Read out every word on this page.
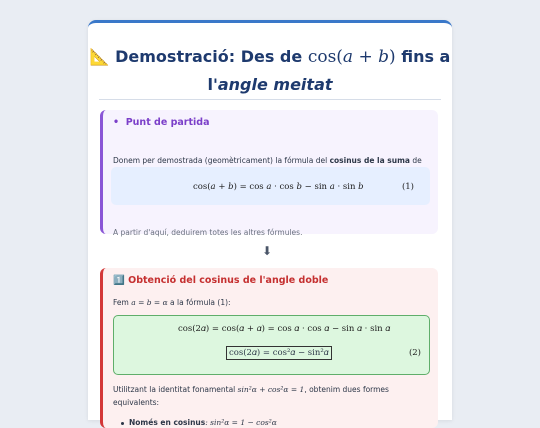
📐 Demostració: Des de cos(𝑎 + 𝑏) fins a
l'angle meitat
• Punt de partida
Donem per demostrada (geomètricament) la fórmula del cosinus de la suma de
cos(𝑎 + 𝑏) = cos 𝑎 · cos 𝑏 − sin 𝑎 · sin 𝑏	(1)
A partir d'aquí, deduirem totes les altres fórmules.
⬇
1️⃣ Obtenció del cosinus de l'angle doble
Fem 𝑎 = 𝑏 = 𝛼 a la fórmula (1):
cos(2𝛼) = cos(𝛼 + 𝛼) = cos 𝛼 · cos 𝛼 − sin 𝛼 · sin 𝛼
cos(2𝛼) = cos²𝛼 − sin²𝛼	(2)
Utilitzant la identitat fonamental sin²𝛼 + cos²𝛼 = 1, obtenim dues formes equivalents:
Només en cosinus: sin²𝛼 = 1 − cos²𝛼
